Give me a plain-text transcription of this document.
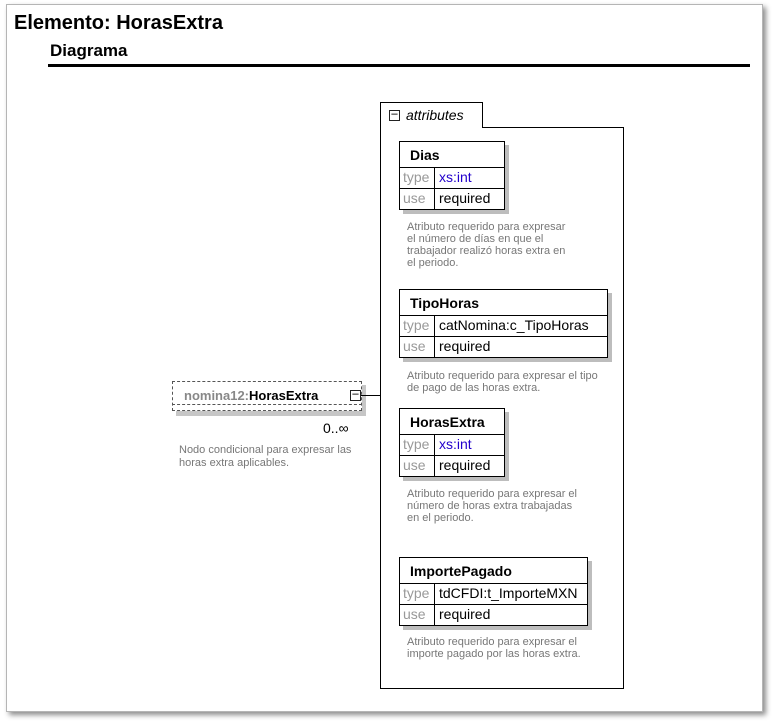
Elemento: HorasExtra
Diagrama
nomina12:HorasExtra	−
0..∞
Nodo condicional para expresar las horas extra aplicables.
− attributes
Dias
type xs:int
use required
Atributo requerido para expresar el número de días en que el trabajador realizó horas extra en el periodo.
TipoHoras
type catNomina:c_TipoHoras
use required
Atributo requerido para expresar el tipo de pago de las horas extra.
HorasExtra
type xs:int
use required
Atributo requerido para expresar el número de horas extra trabajadas en el periodo.
ImportePagado
type tdCFDI:t_ImporteMXN
use required
Atributo requerido para expresar el importe pagado por las horas extra.
